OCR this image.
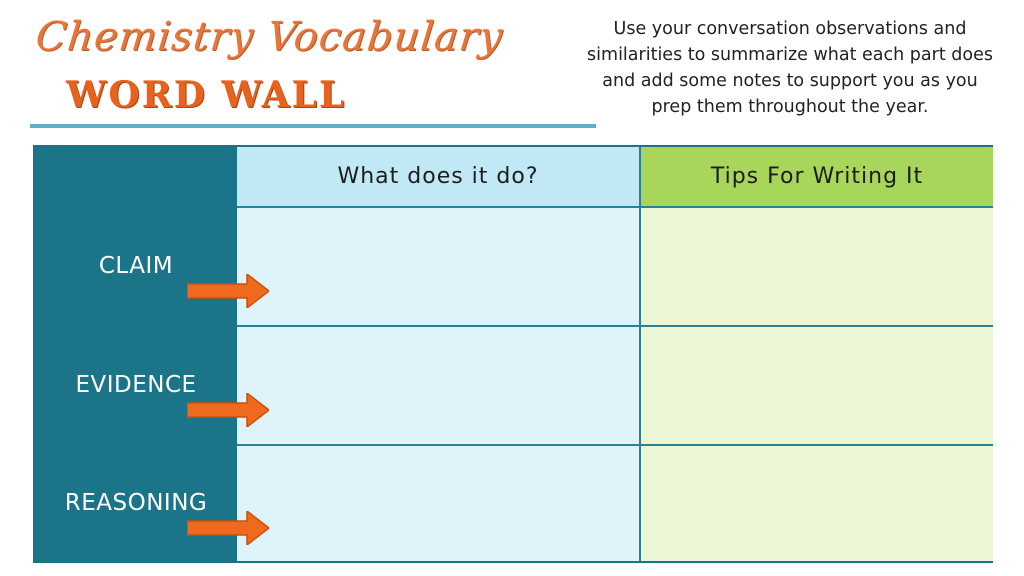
Chemistry Vocabulary
WORD WALL
Use your conversation observations and similarities to summarize what each part does and add some notes to support you as you prep them throughout the year.
What does it do?	Tips For Writing It
CLAIM
EVIDENCE
REASONING
